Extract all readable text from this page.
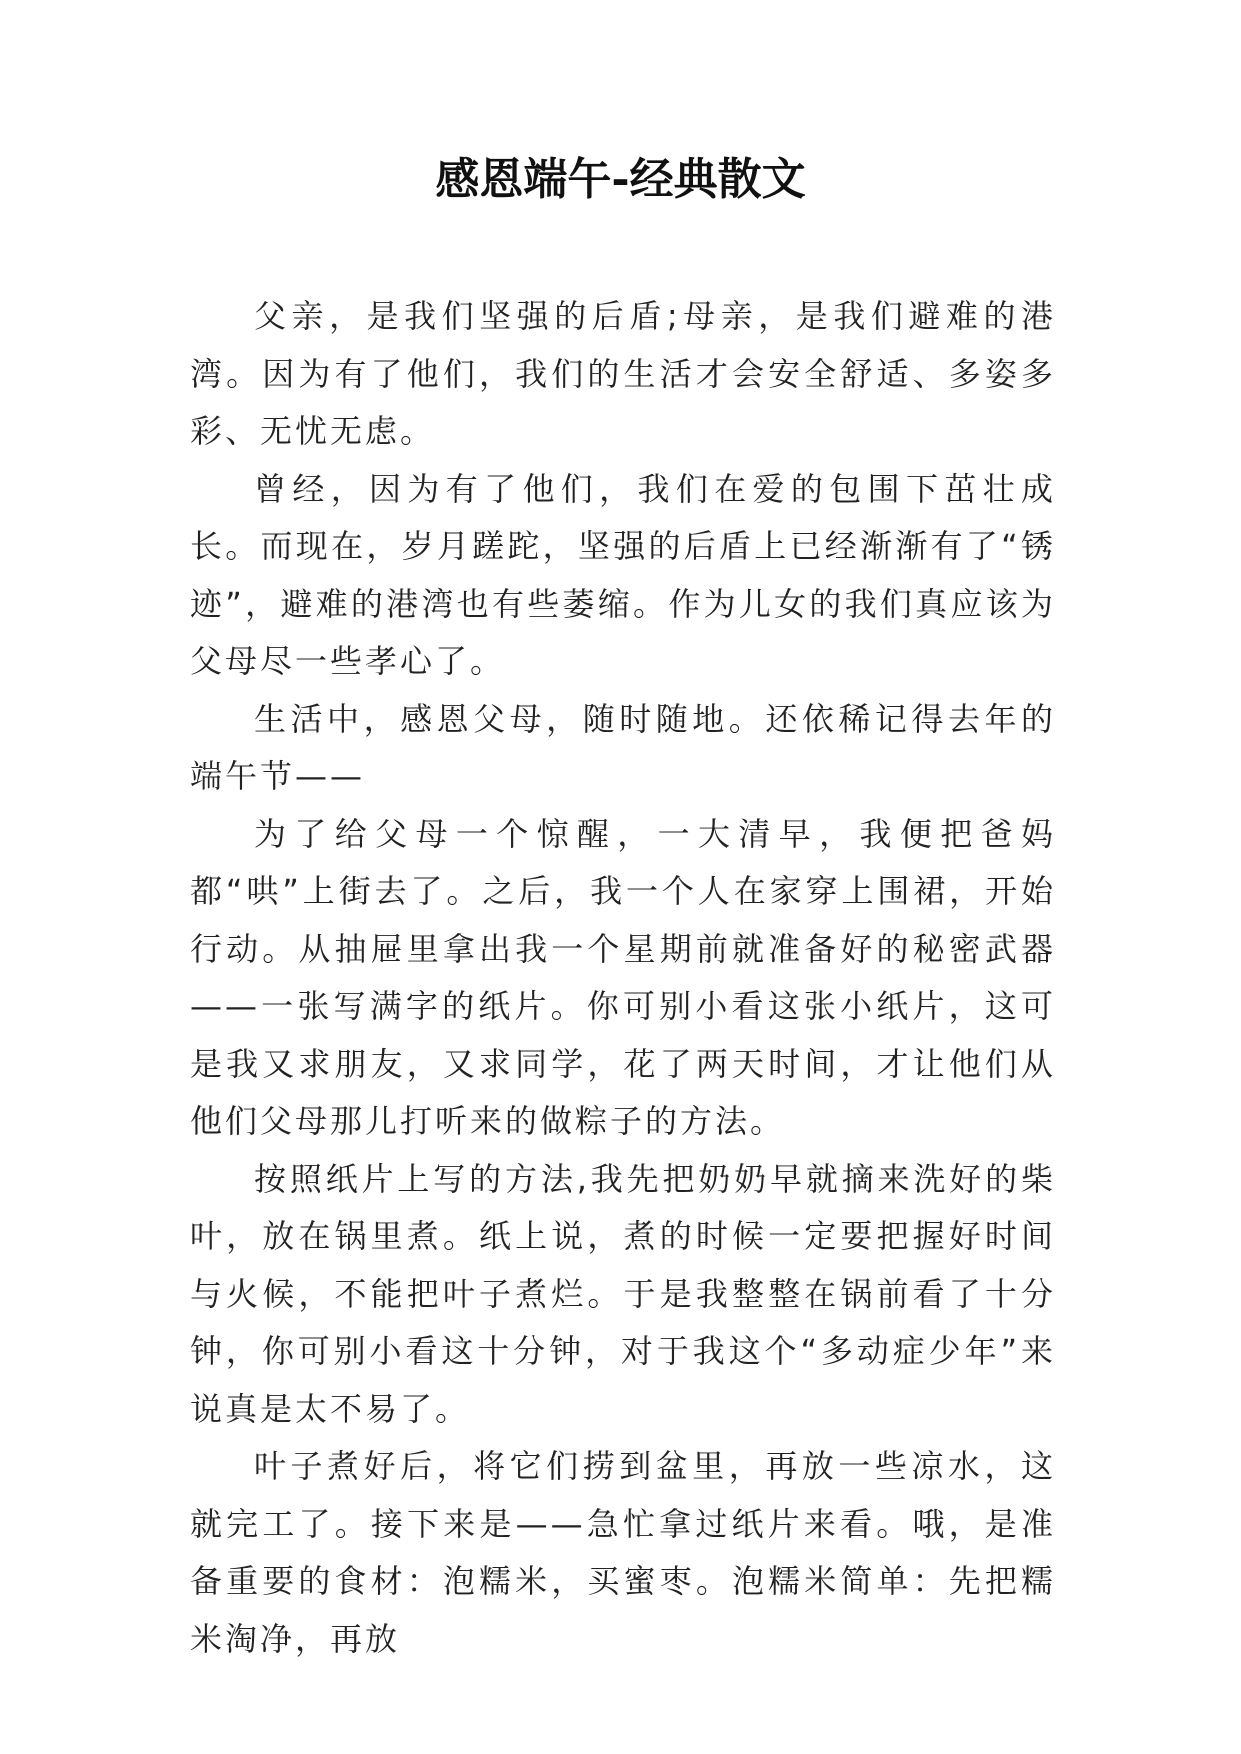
感恩端午-经典散文

父亲，是我们坚强的后盾;母亲，是我们避难的港湾。因为有了他们，我们的生活才会安全舒适、多姿多彩、无忧无虑。

曾经，因为有了他们，我们在爱的包围下茁壮成长。而现在，岁月蹉跎，坚强的后盾上已经渐渐有了“锈迹”，避难的港湾也有些萎缩。作为儿女的我们真应该为父母尽一些孝心了。

生活中，感恩父母，随时随地。还依稀记得去年的端午节——

为了给父母一个惊醒，一大清早，我便把爸妈都“哄”上街去了。之后，我一个人在家穿上围裙，开始行动。从抽屉里拿出我一个星期前就准备好的秘密武器——一张写满字的纸片。你可别小看这张小纸片，这可是我又求朋友，又求同学，花了两天时间，才让他们从他们父母那儿打听来的做粽子的方法。

按照纸片上写的方法,我先把奶奶早就摘来洗好的柴叶，放在锅里煮。纸上说，煮的时候一定要把握好时间与火候，不能把叶子煮烂。于是我整整在锅前看了十分钟，你可别小看这十分钟，对于我这个“多动症少年”来说真是太不易了。

叶子煮好后，将它们捞到盆里，再放一些凉水，这就完工了。接下来是——急忙拿过纸片来看。哦，是准备重要的食材：泡糯米，买蜜枣。泡糯米简单：先把糯米淘净，再放
